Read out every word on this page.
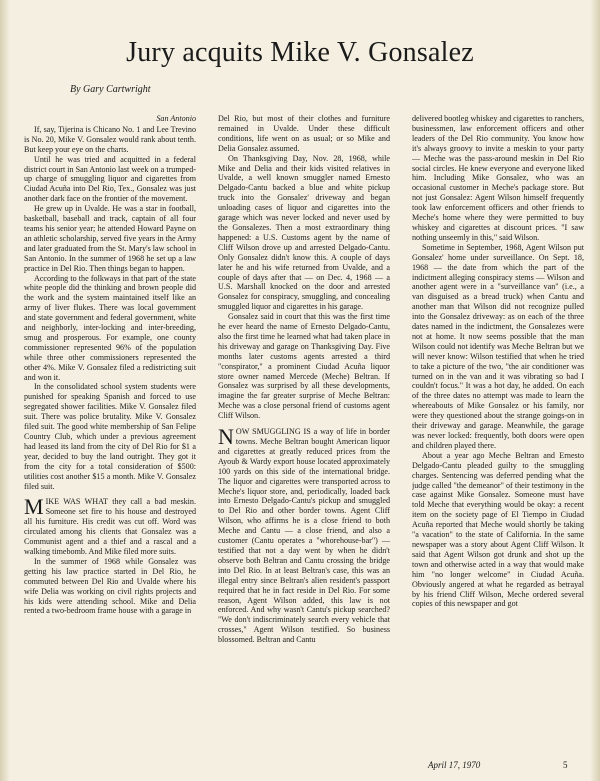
Jury acquits Mike V. Gonsalez
By Gary Cartwright
San Antonio

If, say, Tijerina is Chicano No. 1 and Lee Trevino is No. 20, Mike V. Gonsalez would rank about tenth. But keep your eye on the charts.

Until he was tried and acquitted in a federal district court in San Antonio last week on a trumped-up charge of smuggling liquor and cigarettes from Ciudad Acuña into Del Rio, Tex., Gonsalez was just another dark face on the frontier of the movement.

He grew up in Uvalde. He was a star in football, basketball, baseball and track, captain of all four teams his senior year; he attended Howard Payne on an athletic scholarship, served five years in the Army and later graduated from the St. Mary's law school in San Antonio. In the summer of 1968 he set up a law practice in Del Rio. Then things began to happen.

According to the folkways in that part of the state white people did the thinking and brown people did the work and the system maintained itself like an army of liver flukes. There was local government and state government and federal government, white and neighborly, inter-locking and inter-breeding, smug and prosperous. For example, one county commissioner represented 96% of the population while three other commissioners represented the other 4%. Mike V. Gonsalez filed a redistricting suit and won it.

In the consolidated school system students were punished for speaking Spanish and forced to use segregated shower facilities. Mike V. Gonsalez filed suit. There was police brutality. Mike V. Gonsalez filed suit. The good white membership of San Felipe Country Club, which under a previous agreement had leased its land from the city of Del Rio for $1 a year, decided to buy the land outright. They got it from the city for a total consideration of $500: utilities cost another $15 a month. Mike V. Gonsalez filed suit.

MIKE WAS WHAT they call a bad meskin. Someone set fire to his house and destroyed all his furniture. His credit was cut off. Word was circulated among his clients that Gonsalez was a Communist agent and a thief and a rascal and a walking timebomb. And Mike filed more suits.

In the summer of 1968 while Gonsalez was getting his law practice started in Del Rio, he commuted between Del Rio and Uvalde where his wife Delia was working on civil rights projects and his kids were attending school. Mike and Delia rented a two-bedroom frame house with a garage in

Del Rio, but most of their clothes and furniture remained in Uvalde. Under these difficult conditions, life went on as usual; or so Mike and Delia Gonsalez assumed.

On Thanksgiving Day, Nov. 28, 1968, while Mike and Delia and their kids visited relatives in Uvalde, a well known smuggler named Ernesto Delgado-Cantu backed a blue and white pickup truck into the Gonsalez' driveway and began unloading cases of liquor and cigarettes into the garage which was never locked and never used by the Gonsalezes. Then a most extraordinary thing happened: a U.S. Customs agent by the name of Cliff Wilson drove up and arrested Delgado-Cantu. Only Gonsalez didn't know this. A couple of days later he and his wife returned from Uvalde, and a couple of days after that — on Dec. 4, 1968 — a U.S. Marshall knocked on the door and arrested Gonsalez for conspiracy, smuggling, and concealing smuggled liquor and cigarettes in his garage.

Gonsalez said in court that this was the first time he ever heard the name of Ernesto Delgado-Cantu, also the first time he learned what had taken place in his driveway and garage on Thanksgiving Day. Five months later customs agents arrested a third "conspirator," a prominent Ciudad Acuña liquor store owner named Mercede (Meche) Beltran. If Gonsalez was surprised by all these developments, imagine the far greater surprise of Meche Beltran: Meche was a close personal friend of customs agent Cliff Wilson.

NOW SMUGGLING IS a way of life in border towns. Meche Beltran bought American liquor and cigarettes at greatly reduced prices from the Ayoub & Wardy export house located approximately 100 yards on this side of the international bridge. The liquor and cigarettes were transported across to Meche's liquor store, and, periodically, loaded back into Ernesto Delgado-Cantu's pickup and smuggled to Del Rio and other border towns. Agent Cliff Wilson, who affirms he is a close friend to both Meche and Cantu — a close friend, and also a customer (Cantu operates a "whorehouse-bar") — testified that not a day went by when he didn't observe both Beltran and Cantu crossing the bridge into Del Rio. In at least Beltran's case, this was an illegal entry since Beltran's alien resident's passport required that he in fact reside in Del Rio. For some reason, Agent Wilson added, this law is not enforced. And why wasn't Cantu's pickup searched? "We don't indiscriminately search every vehicle that crosses," Agent Wilson testified. So business blossomed. Beltran and Cantu

delivered bootleg whiskey and cigarettes to ranchers, businessmen, law enforcement officers and other leaders of the Del Rio community. You know how it's always groovy to invite a meskin to your party — Meche was the pass-around meskin in Del Rio social circles. He knew everyone and everyone liked him. Including Mike Gonsalez, who was an occasional customer in Meche's package store. But not just Gonsalez: Agent Wilson himself frequently took law enforcement officers and other friends to Meche's home where they were permitted to buy whiskey and cigarettes at discount prices. "I saw nothing unseemly in this," said Wilson.

Sometime in September, 1968, Agent Wilson put Gonsalez' home under surveillance. On Sept. 18, 1968 — the date from which the part of the indictment alleging conspiracy stems — Wilson and another agent were in a "surveillance van" (i.e., a van disguised as a bread truck) when Cantu and another man that Wilson did not recognize pulled into the Gonsalez driveway: as on each of the three dates named in the indictment, the Gonsalezes were not at home. It now seems possible that the man Wilson could not identify was Meche Beltran but we will never know: Wilson testified that when he tried to take a picture of the two, "the air conditioner was turned on in the van and it was vibrating so bad I couldn't focus." It was a hot day, he added. On each of the three dates no attempt was made to learn the whereabouts of Mike Gonsalez or his family, nor were they questioned about the strange goings-on in their driveway and garage. Meanwhile, the garage was never locked: frequently, both doors were open and children played there.

About a year ago Meche Beltran and Ernesto Delgado-Cantu pleaded guilty to the smuggling charges. Sentencing was deferred pending what the judge called "the demeanor" of their testimony in the case against Mike Gonsalez. Someone must have told Meche that everything would be okay: a recent item on the society page of El Tiempo in Ciudad Acuña reported that Meche would shortly be taking "a vacation" to the state of California. In the same newspaper was a story about Agent Cliff Wilson. It said that Agent Wilson got drunk and shot up the town and otherwise acted in a way that would make him "no longer welcome" in Ciudad Acuña. Obviously angered at what he regarded as betrayal by his friend Cliff Wilson, Meche ordered several copies of this newspaper and got

April 17, 1970	5
